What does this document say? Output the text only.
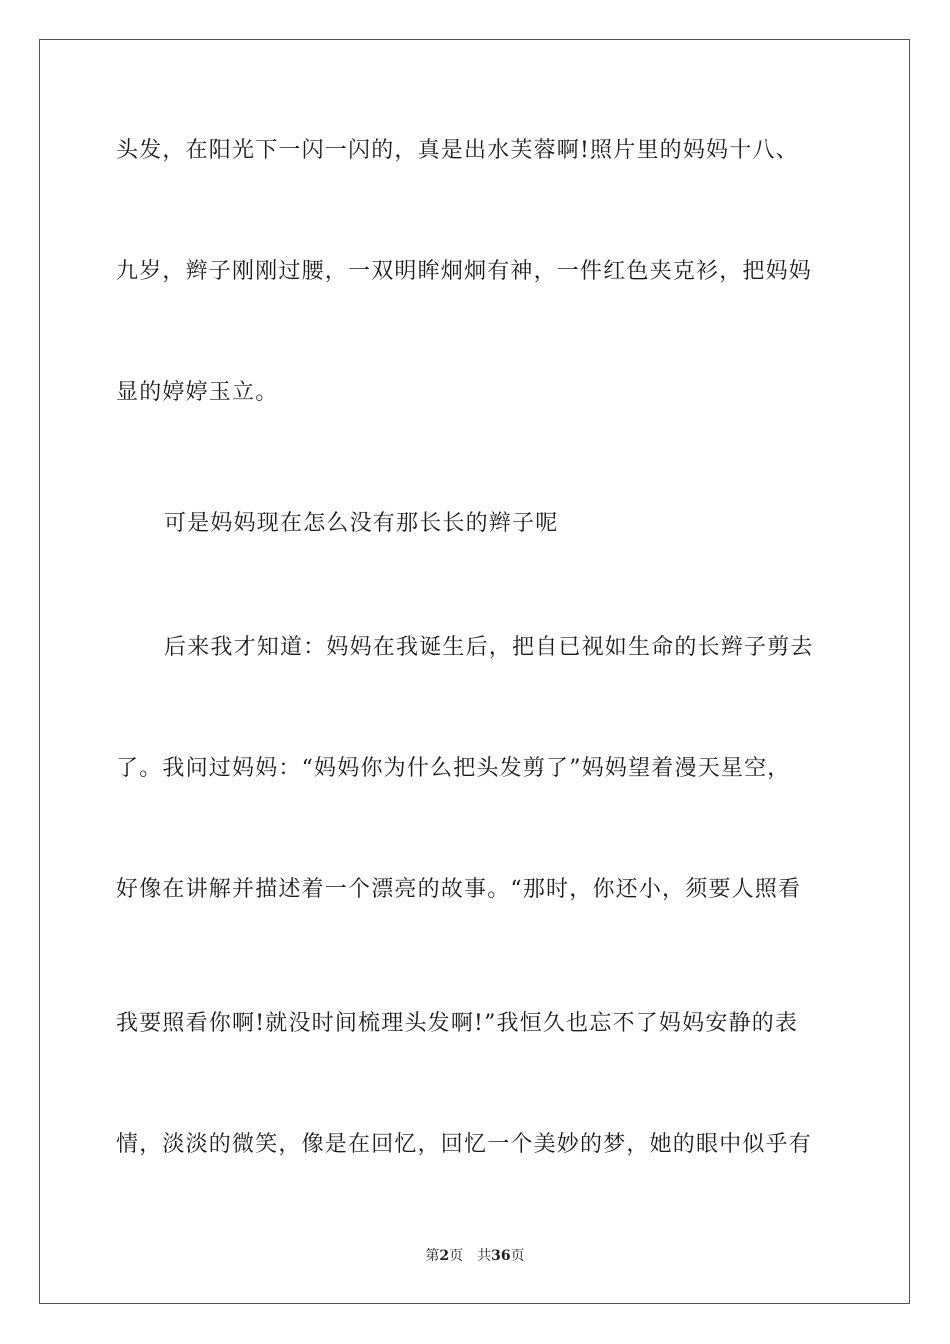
头发，在阳光下一闪一闪的，真是出水芙蓉啊!照片里的妈妈十八、
九岁，辫子刚刚过腰，一双明眸炯炯有神，一件红色夹克衫，把妈妈
显的婷婷玉立。
可是妈妈现在怎么没有那长长的辫子呢
后来我才知道：妈妈在我诞生后，把自已视如生命的长辫子剪去
了。我问过妈妈：“妈妈你为什么把头发剪了”妈妈望着漫天星空，
好像在讲解并描述着一个漂亮的故事。“那时，你还小，须要人照看
我要照看你啊!就没时间梳理头发啊!”我恒久也忘不了妈妈安静的表
情，淡淡的微笑，像是在回忆，回忆一个美妙的梦，她的眼中似乎有
第2页 共36页
